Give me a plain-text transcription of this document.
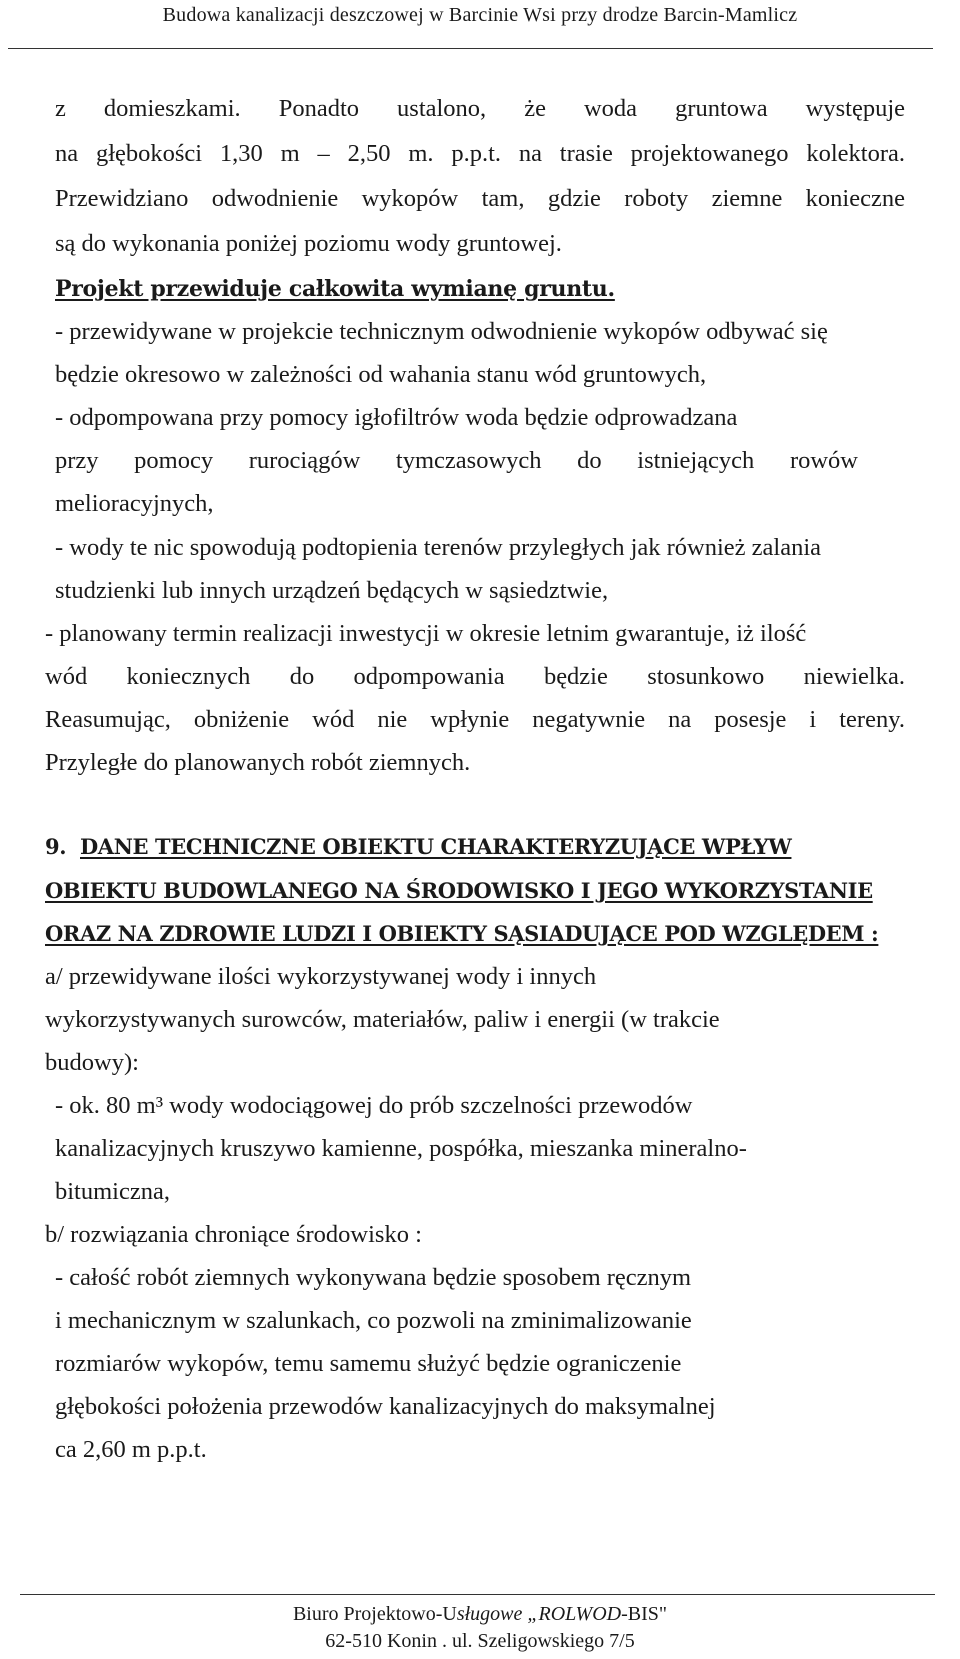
Budowa kanalizacji deszczowej w Barcinie Wsi przy drodze Barcin-Mamlicz
z domieszkami. Ponadto ustalono, że woda gruntowa występuje
na głębokości 1,30 m – 2,50 m. p.p.t. na trasie projektowanego kolektora.
Przewidziano odwodnienie wykopów tam, gdzie roboty ziemne konieczne
są do wykonania poniżej poziomu wody gruntowej.
Projekt przewiduje całkowita wymianę gruntu.
- przewidywane w projekcie technicznym odwodnienie wykopów odbywać się
będzie okresowo w zależności od wahania stanu wód gruntowych,
- odpompowana przy pomocy igłofiltrów woda będzie odprowadzana
przy pomocy rurociągów tymczasowych do istniejących rowów
melioracyjnych,
- wody te nic spowodują podtopienia terenów przyległych jak również zalania
studzienki lub innych urządzeń będących w sąsiedztwie,
- planowany termin realizacji inwestycji w okresie letnim gwarantuje, iż ilość
wód koniecznych do odpompowania będzie stosunkowo niewielka.
Reasumując, obniżenie wód nie wpłynie negatywnie na posesje i tereny.
Przyległe do planowanych robót ziemnych.
9. DANE TECHNICZNE OBIEKTU CHARAKTERYZUJĄCE WPŁYW
OBIEKTU BUDOWLANEGO NA ŚRODOWISKO I JEGO WYKORZYSTANIE
ORAZ NA ZDROWIE LUDZI I OBIEKTY SĄSIADUJĄCE POD WZGLĘDEM :
a/ przewidywane ilości wykorzystywanej wody i innych
wykorzystywanych surowców, materiałów, paliw i energii (w trakcie
budowy):
- ok. 80 m³ wody wodociągowej do prób szczelności przewodów
kanalizacyjnych kruszywo kamienne, pospółka, mieszanka mineralno-
bitumiczna,
b/ rozwiązania chroniące środowisko :
- całość robót ziemnych wykonywana będzie sposobem ręcznym
i mechanicznym w szalunkach, co pozwoli na zminimalizowanie
rozmiarów wykopów, temu samemu służyć będzie ograniczenie
głębokości położenia przewodów kanalizacyjnych do maksymalnej
ca 2,60 m p.p.t.
Biuro Projektowo-Usługowe „ROLWOD-BIS"
62-510 Konin . ul. Szeligowskiego 7/5
